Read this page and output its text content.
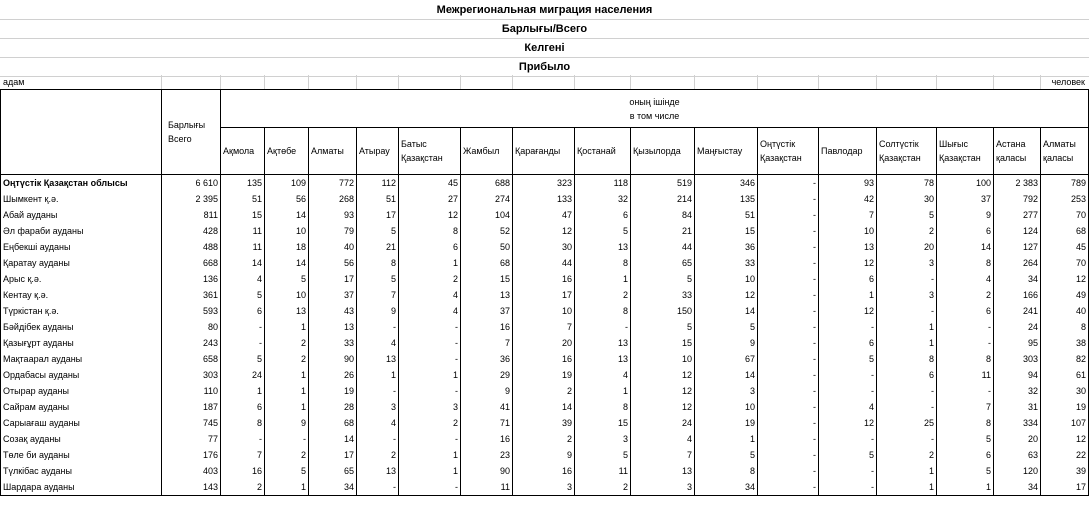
Межрегиональная миграция населения
Барлығы/Всего
Келгені
Прибыло
адам	человек
	Барлығы Всего	оның ішінде
в том числе															

		Ақмола	Ақтөбе	Алматы	Атырау	Батыс Қазақстан	Жамбыл	Қарағанды	Қостанай	Қызылорда	Маңғыстау	Оңтүстік Қазақстан	Павлодар	Солтүстік Қазақстан	Шығыс Қазақстан	Астана қаласы	Алматы қаласы
Оңтүстік Қазақстан облысы	6 610	135	109	772	112	45	688	323	118	519	346	-	93	78	100	2 383	789
Шымкент қ.ә.	2 395	51	56	268	51	27	274	133	32	214	135	-	42	30	37	792	253
Абай ауданы	811	15	14	93	17	12	104	47	6	84	51	-	7	5	9	277	70
Әл фараби ауданы	428	11	10	79	5	8	52	12	5	21	15	-	10	2	6	124	68
Еңбекші ауданы	488	11	18	40	21	6	50	30	13	44	36	-	13	20	14	127	45
Қаратау ауданы	668	14	14	56	8	1	68	44	8	65	33	-	12	3	8	264	70
Арыс қ.ә.	136	4	5	17	5	2	15	16	1	5	10	-	6	-	4	34	12
Кентау қ.ә.	361	5	10	37	7	4	13	17	2	33	12	-	1	3	2	166	49
Түркістан қ.ә.	593	6	13	43	9	4	37	10	8	150	14	-	12	-	6	241	40
Бәйдібек ауданы	80	-	1	13	-	-	16	7	-	5	5	-	-	1	-	24	8
Қазығұрт ауданы	243	-	2	33	4	-	7	20	13	15	9	-	6	1	-	95	38
Мақтаарал ауданы	658	5	2	90	13	-	36	16	13	10	67	-	5	8	8	303	82
Ордабасы ауданы	303	24	1	26	1	1	29	19	4	12	14	-	-	6	11	94	61
Отырар ауданы	110	1	1	19	-	-	9	2	1	12	3	-	-	-	-	32	30
Сайрам ауданы	187	6	1	28	3	3	41	14	8	12	10	-	4	-	7	31	19
Сарыағаш ауданы	745	8	9	68	4	2	71	39	15	24	19	-	12	25	8	334	107
Созақ ауданы	77	-	-	14	-	-	16	2	3	4	1	-	-	-	5	20	12
Төле би ауданы	176	7	2	17	2	1	23	9	5	7	5	-	5	2	6	63	22
Түлкібас ауданы	403	16	5	65	13	1	90	16	11	13	8	-	-	1	5	120	39
Шардара ауданы	143	2	1	34	-	-	11	3	2	3	34	-	-	1	1	34	17
